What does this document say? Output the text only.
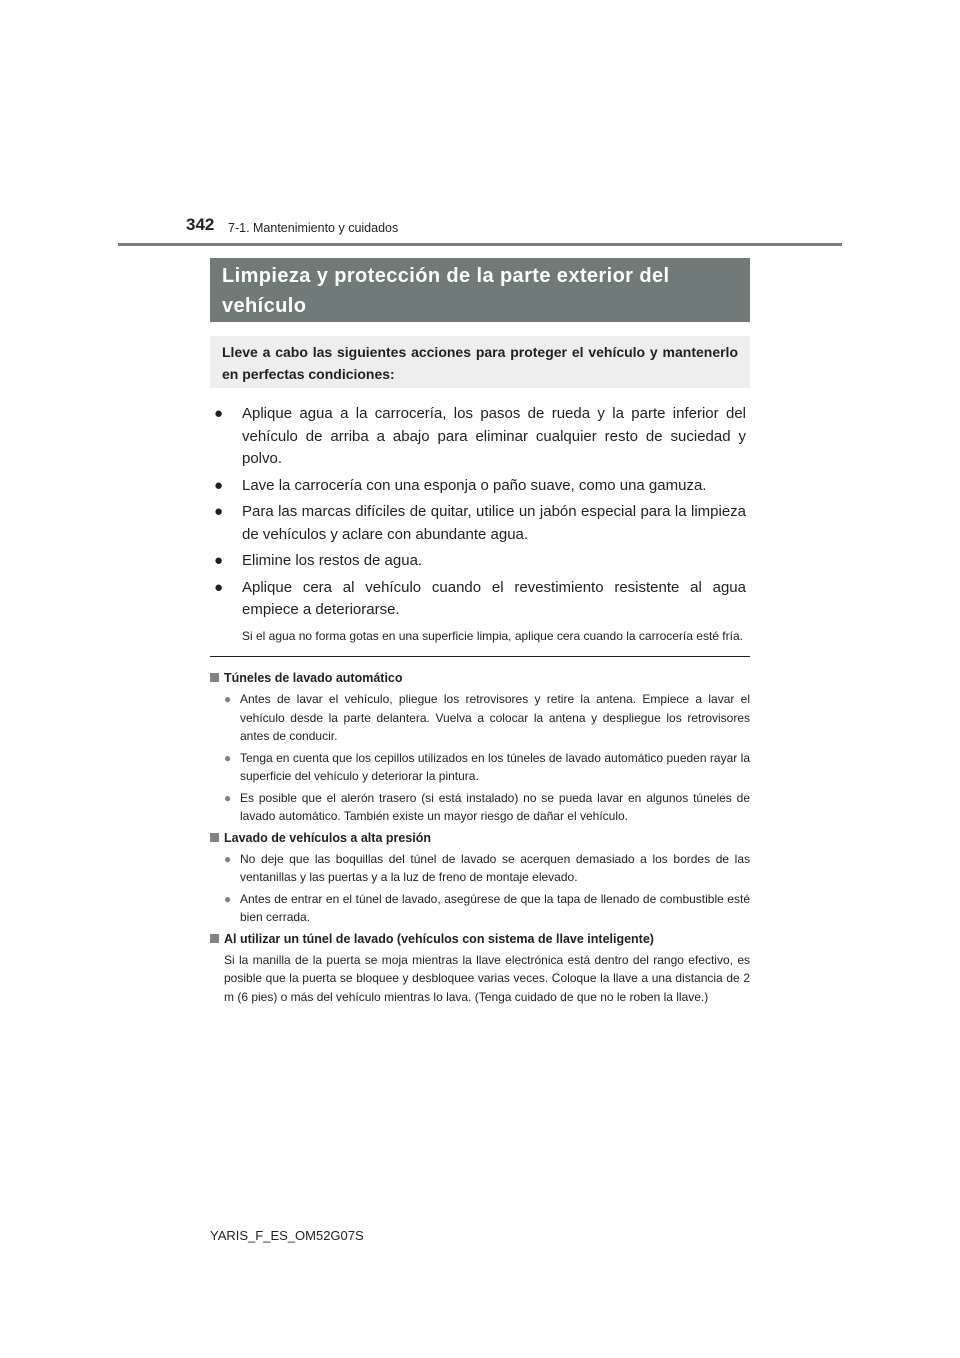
342 7-1. Mantenimiento y cuidados
Limpieza y protección de la parte exterior del vehículo
Lleve a cabo las siguientes acciones para proteger el vehículo y mantenerlo en perfectas condiciones:
● Aplique agua a la carrocería, los pasos de rueda y la parte inferior del vehículo de arriba a abajo para eliminar cualquier resto de suciedad y polvo.
● Lave la carrocería con una esponja o paño suave, como una gamuza.
● Para las marcas difíciles de quitar, utilice un jabón especial para la limpieza de vehículos y aclare con abundante agua.
● Elimine los restos de agua.
● Aplique cera al vehículo cuando el revestimiento resistente al agua empiece a deteriorarse.
Si el agua no forma gotas en una superficie limpia, aplique cera cuando la carrocería esté fría.
Túneles de lavado automático
● Antes de lavar el vehículo, pliegue los retrovisores y retire la antena. Empiece a lavar el vehículo desde la parte delantera. Vuelva a colocar la antena y despliegue los retrovisores antes de conducir.
● Tenga en cuenta que los cepillos utilizados en los túneles de lavado automático pueden rayar la superficie del vehículo y deteriorar la pintura.
● Es posible que el alerón trasero (si está instalado) no se pueda lavar en algunos túneles de lavado automático. También existe un mayor riesgo de dañar el vehículo.
Lavado de vehículos a alta presión
● No deje que las boquillas del túnel de lavado se acerquen demasiado a los bordes de las ventanillas y las puertas y a la luz de freno de montaje elevado.
● Antes de entrar en el túnel de lavado, asegúrese de que la tapa de llenado de combustible esté bien cerrada.
Al utilizar un túnel de lavado (vehículos con sistema de llave inteligente)
Si la manilla de la puerta se moja mientras la llave electrónica está dentro del rango efectivo, es posible que la puerta se bloquee y desbloquee varias veces. Coloque la llave a una distancia de 2 m (6 pies) o más del vehículo mientras lo lava. (Tenga cuidado de que no le roben la llave.)
YARIS_F_ES_OM52G07S
